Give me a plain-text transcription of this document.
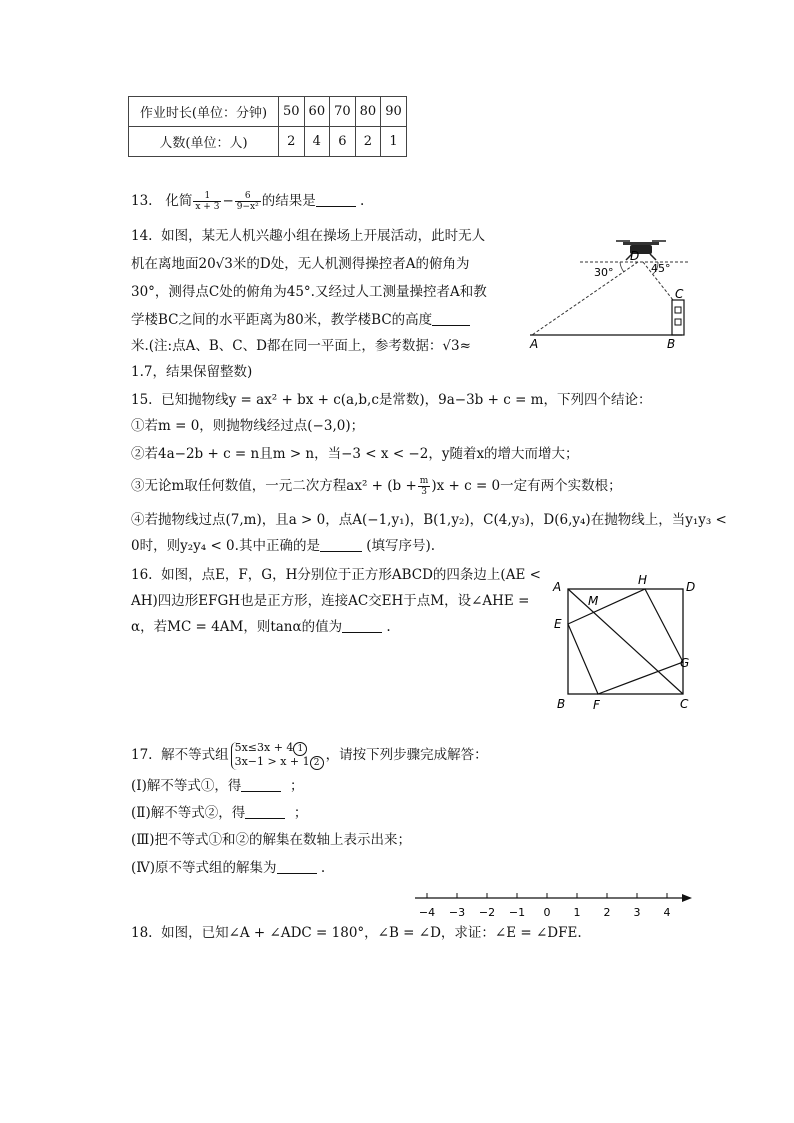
作业时长(单位：分钟)	50	60	70	80	90
人数(单位：人)	2	4	6	2	1
13. 化简 $\frac{1}{x + 3} - \frac{6}{\text{9−x²}}$ 的结果是	.
14. 如图，某无人机兴趣小组在操场上开展活动，此时无人
机在离地面20√3米的D处，无人机测得操控者A的俯角为
30°，测得点C处的俯角为45°.又经过人工测量操控者A和教
学楼BC之间的水平距离为80米，教学楼BC的高度
米.(注:点A、B、C、D都在同一平面上，参考数据：√3≈
1.7，结果保留整数)
30°	45°
D
A	B
C
15. 已知抛物线y = ax² + bx + c(a,b,c是常数)，9a−3b + c = m，下列四个结论：
①若m = 0，则抛物线经过点(−3,0)；
②若4a−2b + c = n且m > n，当−3 < x < −2，y随着x的增大而增大；
③无论m取任何数值，一元二次方程$ax^2 + (b + \frac{m}{3} )x + c = 0$一定有两个实数根；
④若抛物线过点(7,m)，且a > 0，点A(−1,y₁)，B(1,y₂)，C(4,y₃)，D(6,y₄)在抛物线上，当y₁y₃ <
0时，则y₂y₄ < 0.其中正确的是	(填写序号).
16. 如图，点E，F，G，H分别位于正方形ABCD的四条边上(AE <
AH)四边形EFGH也是正方形，连接AC交EH于点M，设∠AHE =
α，若MC = 4AM，则tanα的值为	.
A	D
B	C
E
F
G
H
M
17. 解不等式组 5x≤3x + 4 1
3x−1 > x + 1 2 ，请按下列步骤完成解答：
(Ⅰ)解不等式①，得	；
(Ⅱ)解不等式②，得	；
(Ⅲ)把不等式①和②的解集在数轴上表示出来；
(Ⅳ)原不等式组的解集为	.
−4 −3 −2 −1 0 1 2 3 4
18. 如图，已知∠A + ∠ADC = 180°，∠B = ∠D，求证：∠E = ∠DFE.
